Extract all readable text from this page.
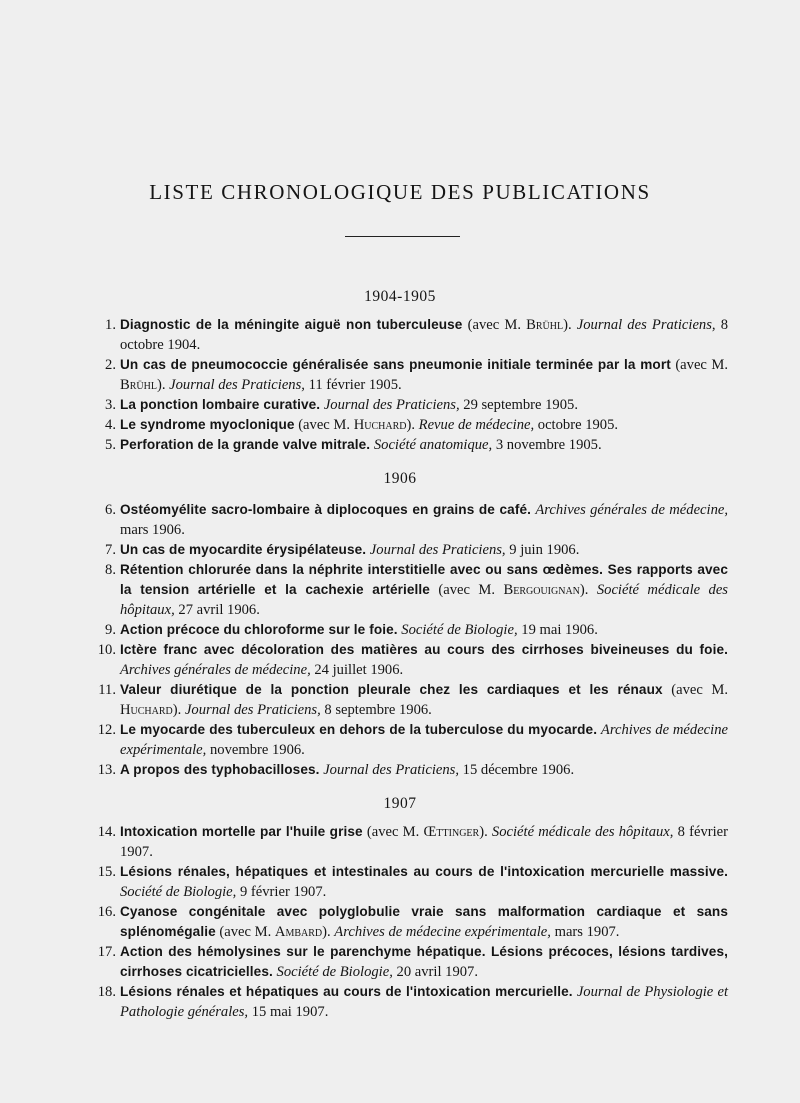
LISTE CHRONOLOGIQUE DES PUBLICATIONS
1904-1905
1. Diagnostic de la méningite aiguë non tuberculeuse (avec M. Brühl). Journal des Praticiens, 8 octobre 1904.
2. Un cas de pneumococcie généralisée sans pneumonie initiale terminée par la mort (avec M. Brühl). Journal des Praticiens, 11 février 1905.
3. La ponction lombaire curative. Journal des Praticiens, 29 septembre 1905.
4. Le syndrome myoclonique (avec M. Huchard). Revue de médecine, octobre 1905.
5. Perforation de la grande valve mitrale. Société anatomique, 3 novembre 1905.
1906
6. Ostéomyélite sacro-lombaire à diplocoques en grains de café. Archives générales de médecine, mars 1906.
7. Un cas de myocardite érysipélateuse. Journal des Praticiens, 9 juin 1906.
8. Rétention chlorurée dans la néphrite interstitielle avec ou sans œdèmes. Ses rapports avec la tension artérielle et la cachexie artérielle (avec M. Bergouignan). Société médicale des hôpitaux, 27 avril 1906.
9. Action précoce du chloroforme sur le foie. Société de Biologie, 19 mai 1906.
10. Ictère franc avec décoloration des matières au cours des cirrhoses biveineuses du foie. Archives générales de médecine, 24 juillet 1906.
11. Valeur diurétique de la ponction pleurale chez les cardiaques et les rénaux (avec M. Huchard). Journal des Praticiens, 8 septembre 1906.
12. Le myocarde des tuberculeux en dehors de la tuberculose du myocarde. Archives de médecine expérimentale, novembre 1906.
13. A propos des typhobacilloses. Journal des Praticiens, 15 décembre 1906.
1907
14. Intoxication mortelle par l'huile grise (avec M. Œttinger). Société médicale des hôpitaux, 8 février 1907.
15. Lésions rénales, hépatiques et intestinales au cours de l'intoxication mercurielle massive. Société de Biologie, 9 février 1907.
16. Cyanose congénitale avec polyglobulie vraie sans malformation cardiaque et sans splénomégalie (avec M. Ambard). Archives de médecine expérimentale, mars 1907.
17. Action des hémolysines sur le parenchyme hépatique. Lésions précoces, lésions tardives, cirrhoses cicatricielles. Société de Biologie, 20 avril 1907.
18. Lésions rénales et hépatiques au cours de l'intoxication mercurielle. Journal de Physiologie et Pathologie générales, 15 mai 1907.
